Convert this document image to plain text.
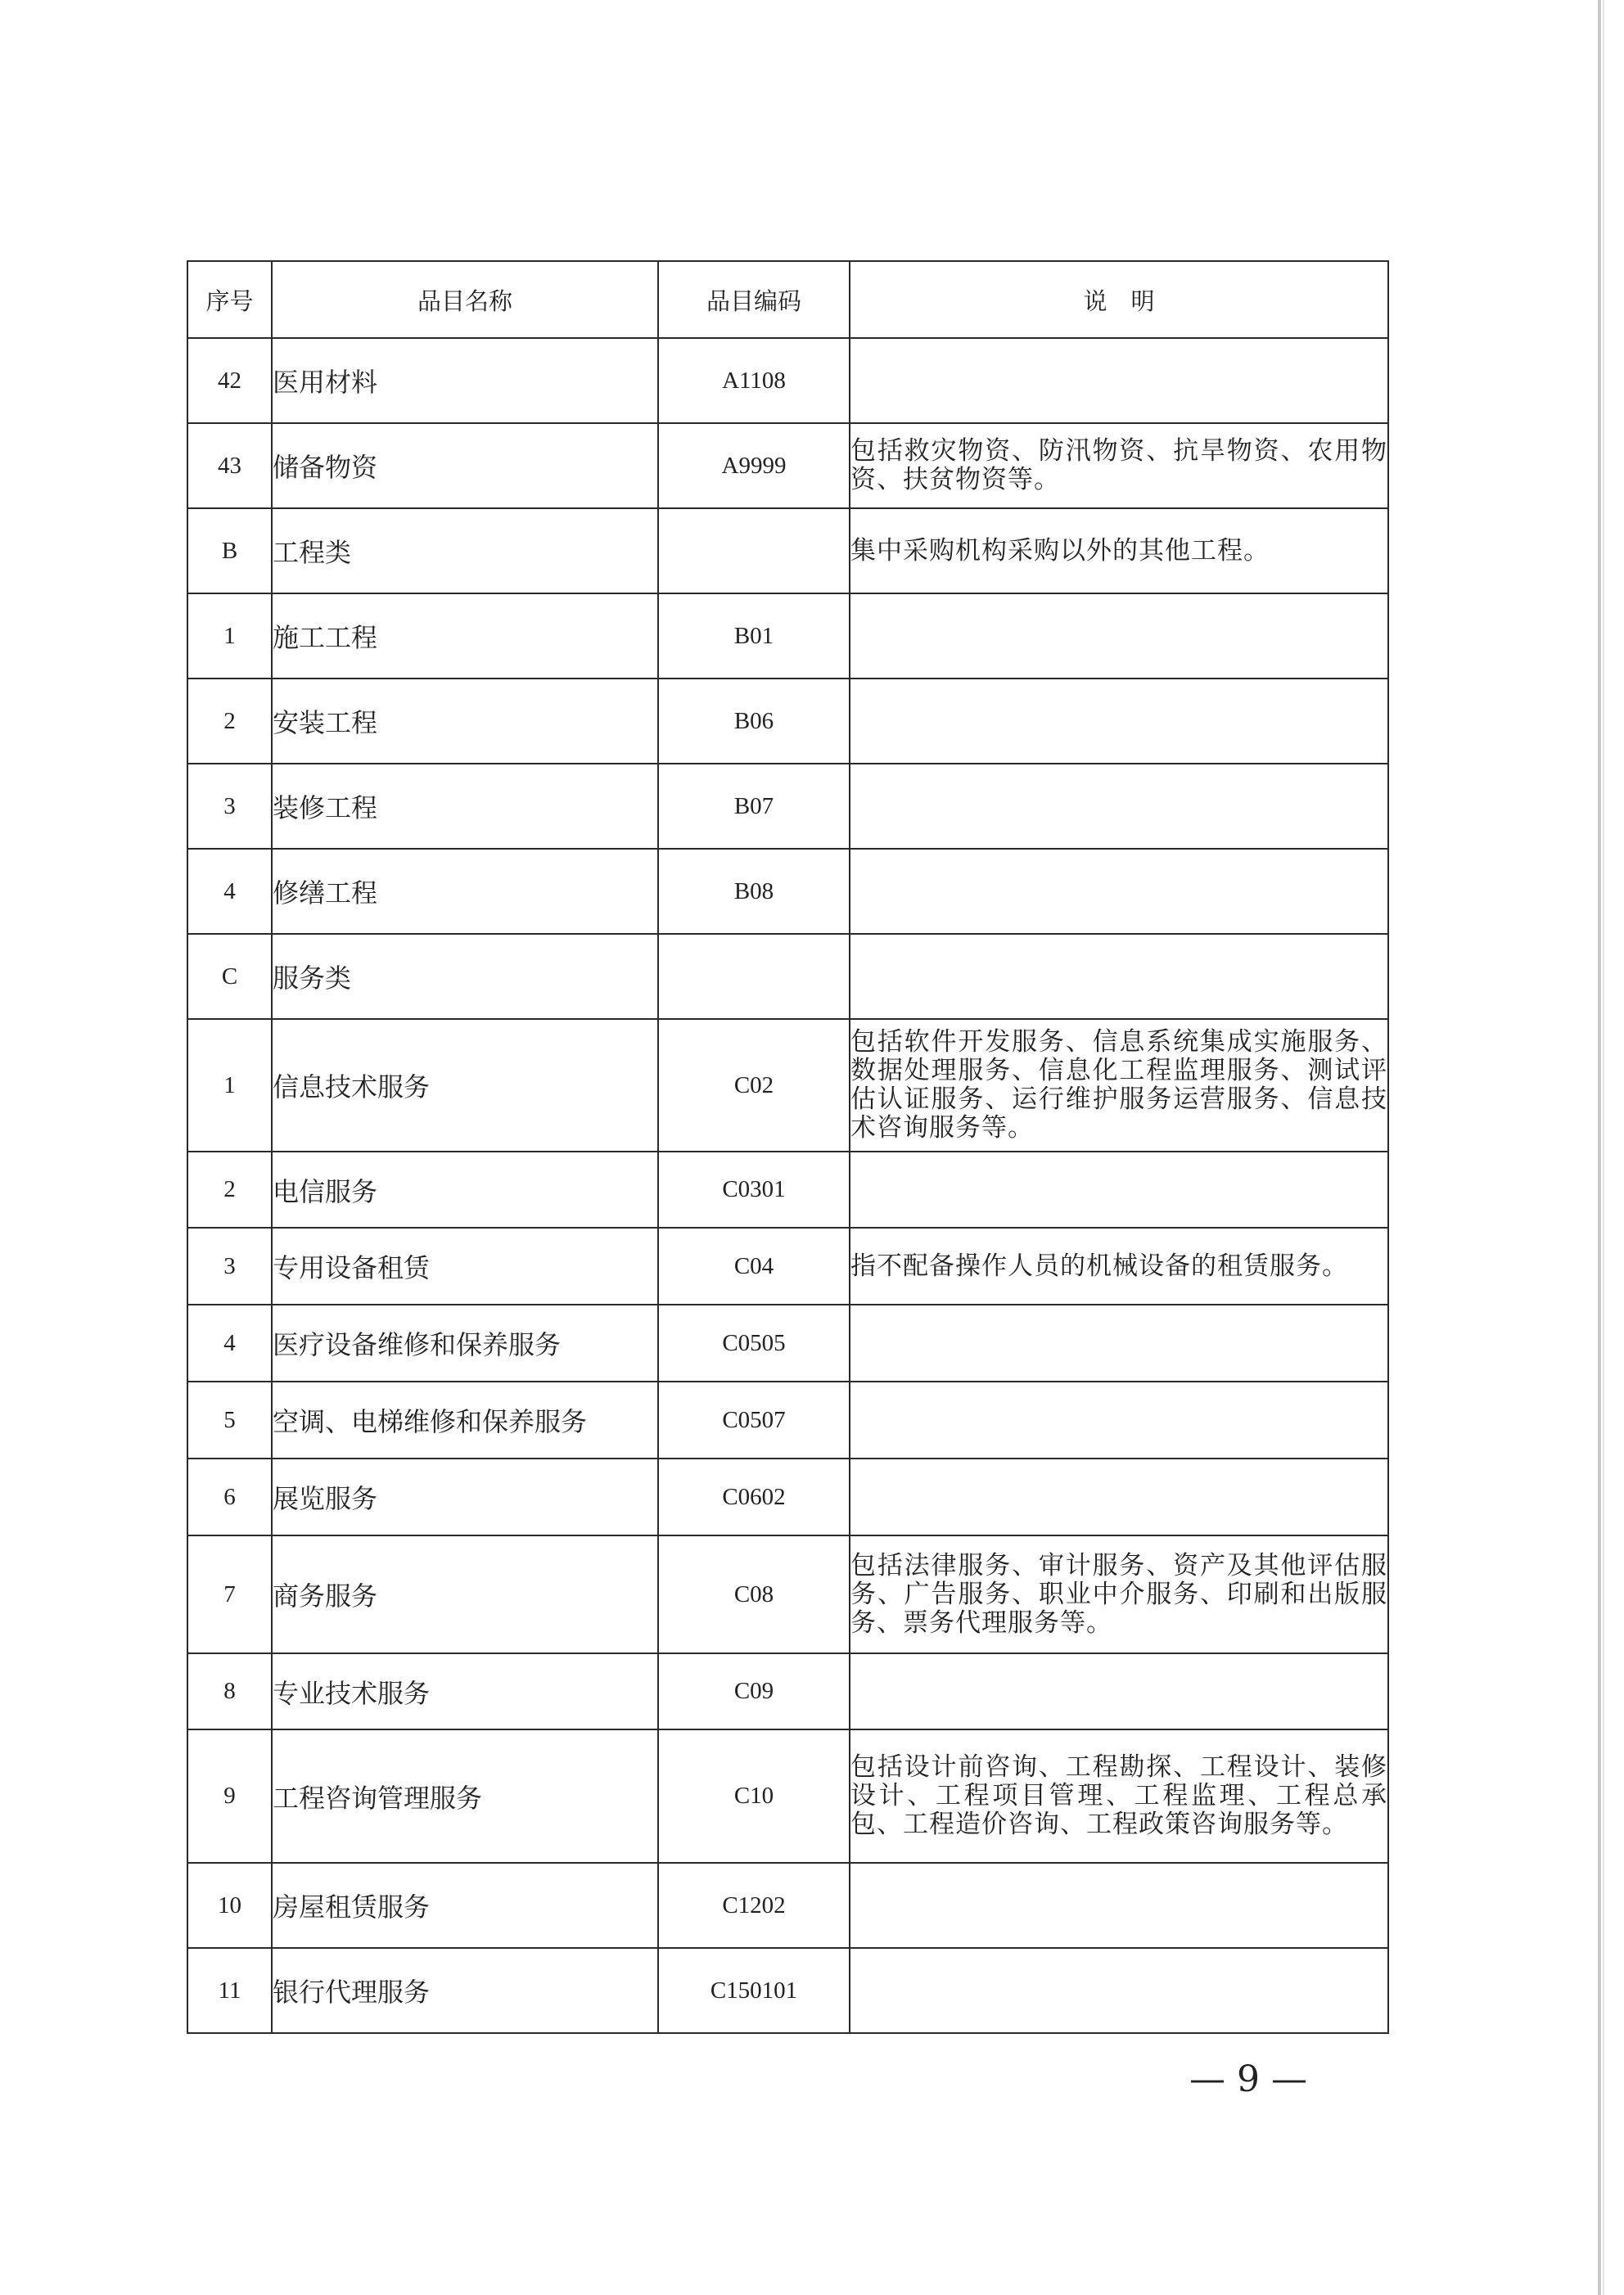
序号	品目名称	品目编码	说　明
42	医用材料	A1108	
43	储备物资	A9999	包括救灾物资、防汛物资、抗旱物资、农用物资、扶贫物资等。
B	工程类		集中采购机构采购以外的其他工程。
1	施工工程	B01	
2	安装工程	B06	
3	装修工程	B07	
4	修缮工程	B08	
C	服务类		
1	信息技术服务	C02	包括软件开发服务、信息系统集成实施服务、数据处理服务、信息化工程监理服务、测试评估认证服务、运行维护服务运营服务、信息技术咨询服务等。
2	电信服务	C0301	
3	专用设备租赁	C04	指不配备操作人员的机械设备的租赁服务。
4	医疗设备维修和保养服务	C0505	
5	空调、电梯维修和保养服务	C0507	
6	展览服务	C0602	
7	商务服务	C08	包括法律服务、审计服务、资产及其他评估服务、广告服务、职业中介服务、印刷和出版服务、票务代理服务等。
8	专业技术服务	C09	
9	工程咨询管理服务	C10	包括设计前咨询、工程勘探、工程设计、装修设计、工程项目管理、工程监理、工程总承包、工程造价咨询、工程政策咨询服务等。
10	房屋租赁服务	C1202	
11	银行代理服务	C150101	
— 9 —
